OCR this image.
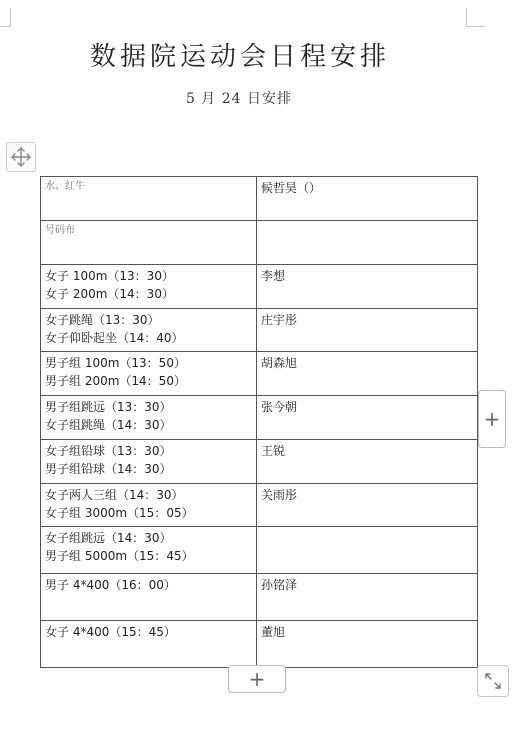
数据院运动会日程安排
5 月 24 日安排
水、红牛	候哲昊（）

号码布	

女子 100m（13：30）
女子 200m（14：30）	李想

女子跳绳（13：30）
女子仰卧起坐（14：40）	庄宇彤

男子组 100m（13：50）
男子组 200m（14：50）	胡森旭

男子组跳远（13：30）
女子组跳绳（14：30）	张今朝

女子组铅球（13：30）
男子组铅球（14：30）	王锐

女子两人三组（14：30）
女子组 3000m（15：05）	关雨彤

女子组跳远（14：30）
男子组 5000m（15：45）	

男子 4*400（16：00）	孙铭泽

女子 4*400（15：45）	董旭
+
+
